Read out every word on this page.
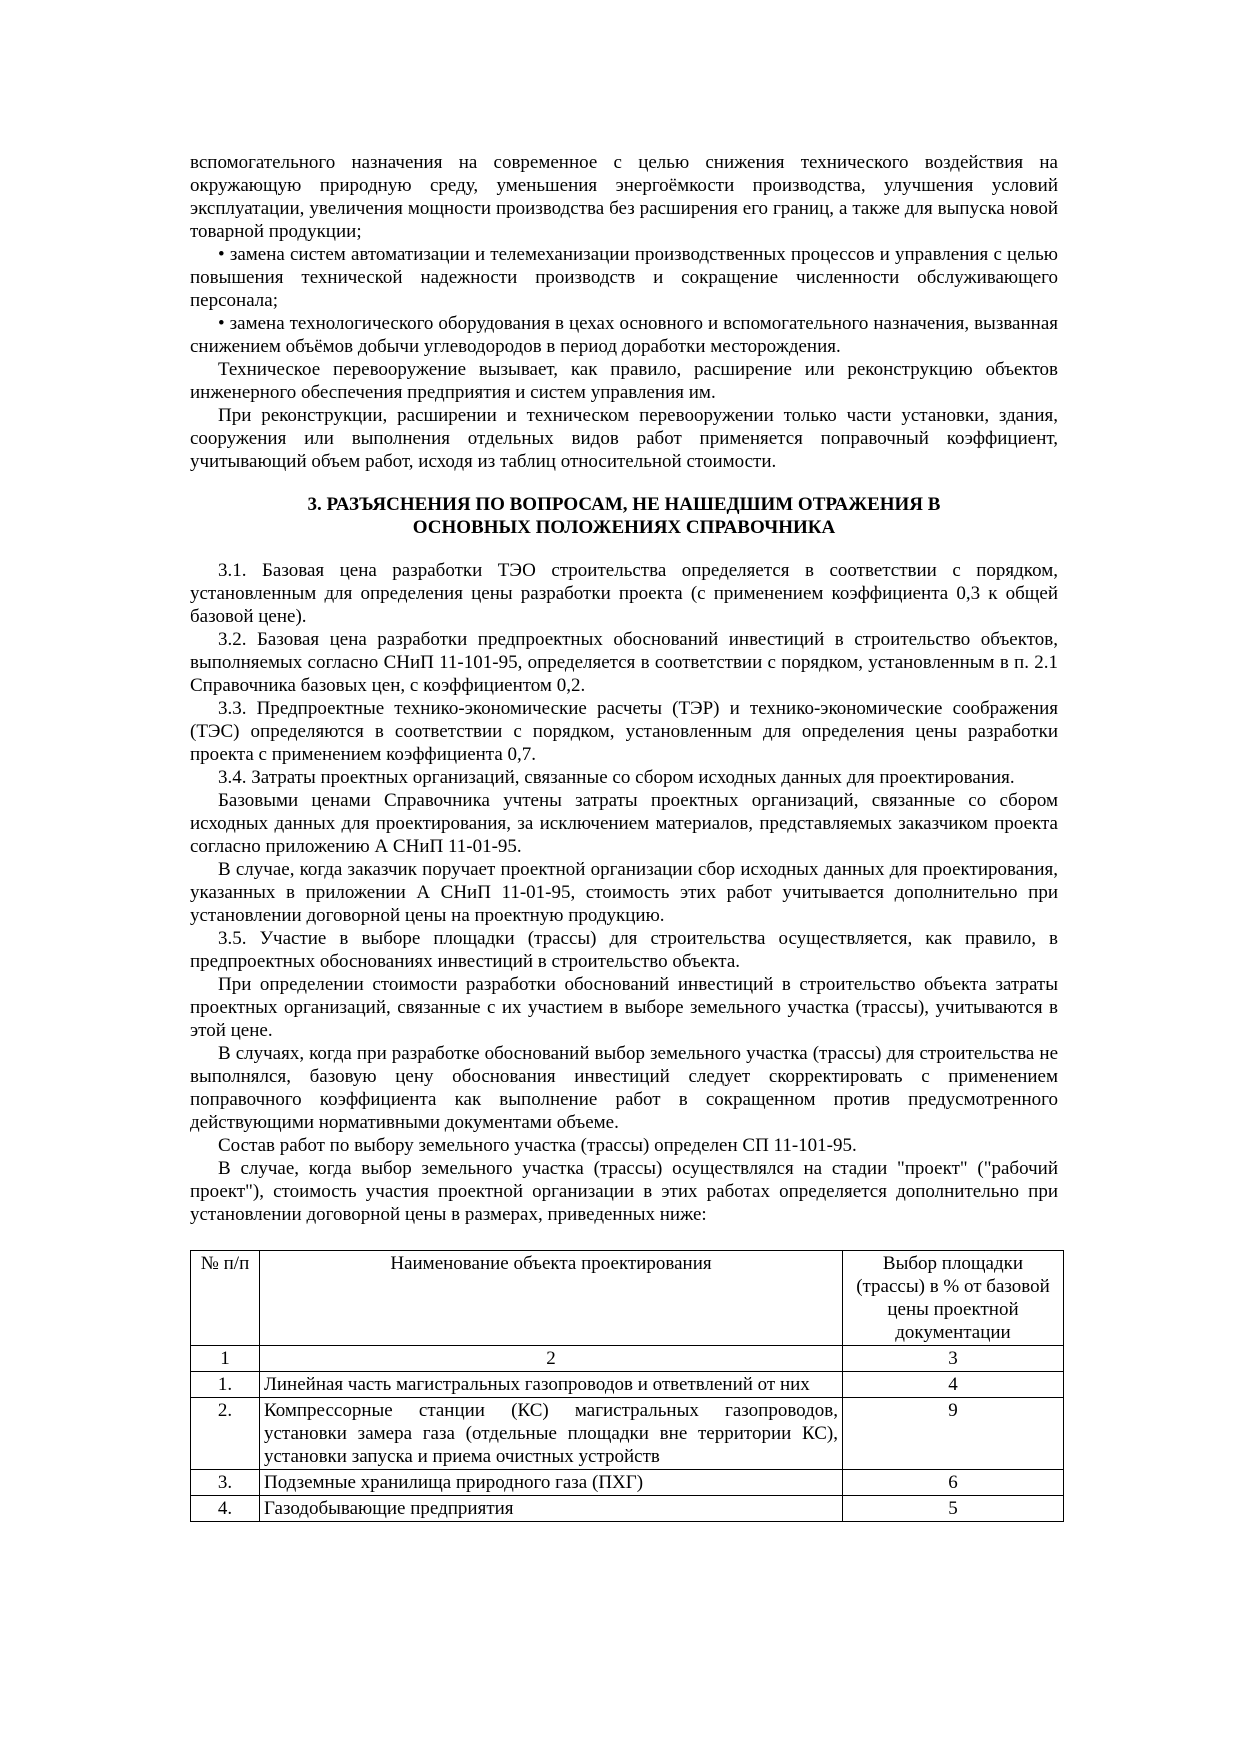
вспомогательного назначения на современное с целью снижения технического воздействия на окружающую природную среду, уменьшения энергоёмкости производства, улучшения условий эксплуатации, увеличения мощности производства без расширения его границ, а также для выпуска новой товарной продукции;

• замена систем автоматизации и телемеханизации производственных процессов и управления с целью повышения технической надежности производств и сокращение численности обслуживающего персонала;

• замена технологического оборудования в цехах основного и вспомогательного назначения, вызванная снижением объёмов добычи углеводородов в период доработки месторождения.

Техническое перевооружение вызывает, как правило, расширение или реконструкцию объектов инженерного обеспечения предприятия и систем управления им.

При реконструкции, расширении и техническом перевооружении только части установки, здания, сооружения или выполнения отдельных видов работ применяется поправочный коэффициент, учитывающий объем работ, исходя из таблиц относительной стоимости.

3. РАЗЪЯСНЕНИЯ ПО ВОПРОСАМ, НЕ НАШЕДШИМ ОТРАЖЕНИЯ В
ОСНОВНЫХ ПОЛОЖЕНИЯХ СПРАВОЧНИКА

3.1. Базовая цена разработки ТЭО строительства определяется в соответствии с порядком, установленным для определения цены разработки проекта (с применением коэффициента 0,3 к общей базовой цене).

3.2. Базовая цена разработки предпроектных обоснований инвестиций в строительство объектов, выполняемых согласно СНиП 11-101-95, определяется в соответствии с порядком, установленным в п. 2.1 Справочника базовых цен, с коэффициентом 0,2.

3.3. Предпроектные технико-экономические расчеты (ТЭР) и технико-экономические соображения (ТЭС) определяются в соответствии с порядком, установленным для определения цены разработки проекта с применением коэффициента 0,7.

3.4. Затраты проектных организаций, связанные со сбором исходных данных для проектирования.

Базовыми ценами Справочника учтены затраты проектных организаций, связанные со сбором исходных данных для проектирования, за исключением материалов, представляемых заказчиком проекта согласно приложению А СНиП 11-01-95.

В случае, когда заказчик поручает проектной организации сбор исходных данных для проектирования, указанных в приложении А СНиП 11-01-95, стоимость этих работ учитывается дополнительно при установлении договорной цены на проектную продукцию.

3.5. Участие в выборе площадки (трассы) для строительства осуществляется, как правило, в предпроектных обоснованиях инвестиций в строительство объекта.

При определении стоимости разработки обоснований инвестиций в строительство объекта затраты проектных организаций, связанные с их участием в выборе земельного участка (трассы), учитываются в этой цене.

В случаях, когда при разработке обоснований выбор земельного участка (трассы) для строительства не выполнялся, базовую цену обоснования инвестиций следует скорректировать с применением поправочного коэффициента как выполнение работ в сокращенном против предусмотренного действующими нормативными документами объеме.

Состав работ по выбору земельного участка (трассы) определен СП 11-101-95.

В случае, когда выбор земельного участка (трассы) осуществлялся на стадии "проект" ("рабочий проект"), стоимость участия проектной организации в этих работах определяется дополнительно при установлении договорной цены в размерах, приведенных ниже:

№ п/п	Наименование объекта проектирования	Выбор площадки (трассы) в % от базовой цены проектной документации
1	2	3
1.	Линейная часть магистральных газопроводов и ответвлений от них	4
2.	Компрессорные станции (КС) магистральных газопроводов, установки замера газа (отдельные площадки вне территории КС), установки запуска и приема очистных устройств	9
3.	Подземные хранилища природного газа (ПХГ)	6
4.	Газодобывающие предприятия	5
